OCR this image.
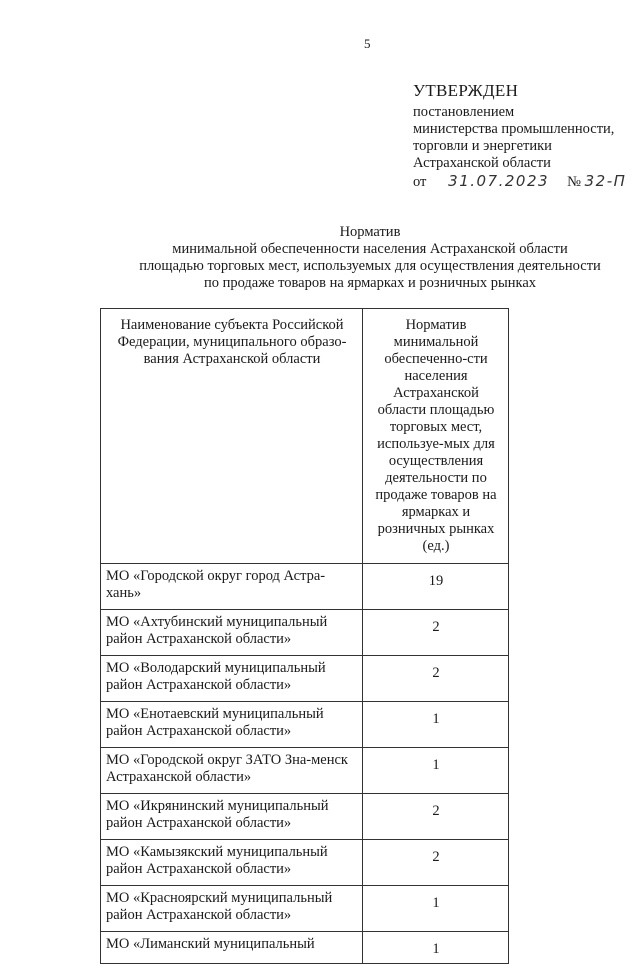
5
УТВЕРЖДЕН
постановлением
министерства промышленности,
торговли и энергетики
Астраханской области
от 31.07.2023 № 32-П
Норматив
минимальной обеспеченности населения Астраханской области
площадью торговых мест, используемых для осуществления деятельности
по продаже товаров на ярмарках и розничных рынках
Наименование субъекта Российской Федерации, муниципального образо-вания Астраханской области	Норматив минимальной обеспеченно-сти населения Астраханской области площадью торговых мест, используе-мых для осуществления деятельности по продаже товаров на ярмарках и розничных рынках (ед.)
МО «Городской округ город Астра-хань»	19
МО «Ахтубинский муниципальный район Астраханской области»	2
МО «Володарский муниципальный район Астраханской области»	2
МО «Енотаевский муниципальный район Астраханской области»	1
МО «Городской округ ЗАТО Зна-менск Астраханской области»	1
МО «Икрянинский муниципальный район Астраханской области»	2
МО «Камызякский муниципальный район Астраханской области»	2
МО «Красноярский муниципальный район Астраханской области»	1
МО «Лиманский муниципальный	1
